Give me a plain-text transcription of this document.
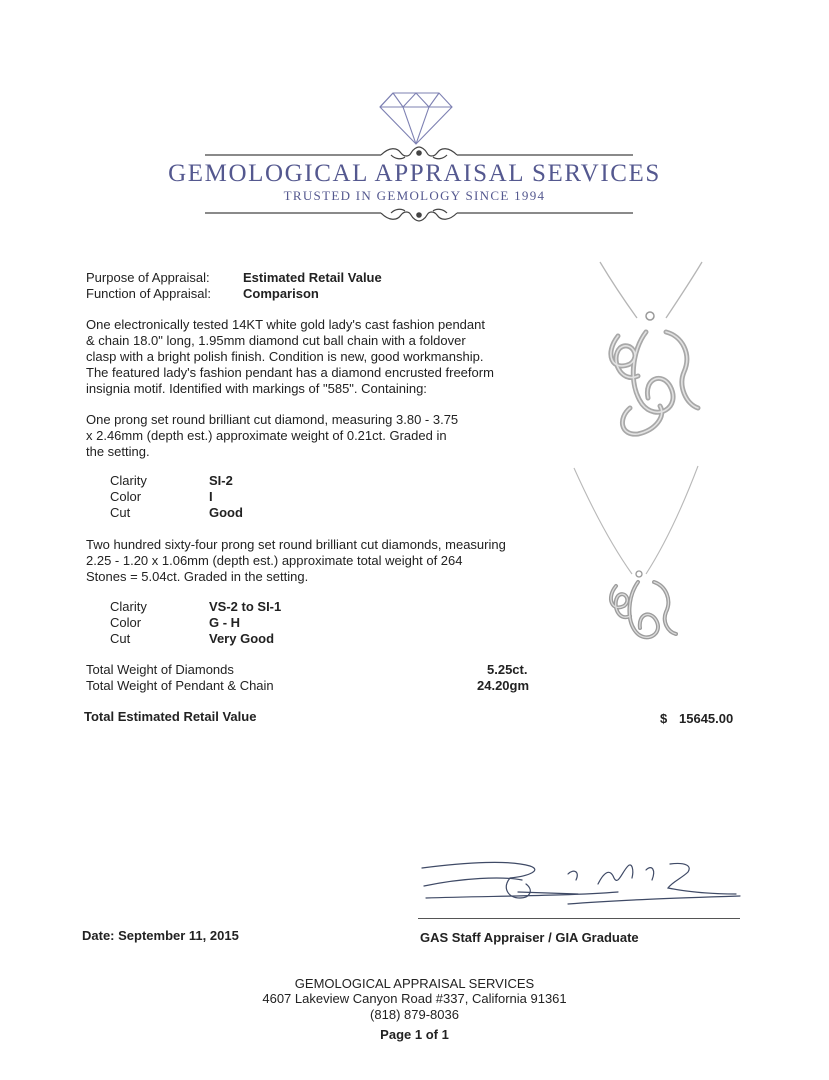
GEMOLOGICAL APPRAISAL SERVICES
TRUSTED IN GEMOLOGY SINCE 1994
Purpose of Appraisal:	Estimated Retail Value
Function of Appraisal: Comparison
One electronically tested 14KT white gold lady's cast fashion pendant
& chain 18.0" long, 1.95mm diamond cut ball chain with a foldover
clasp with a bright polish finish. Condition is new, good workmanship.
The featured lady's fashion pendant has a diamond encrusted freeform
insignia motif. Identified with markings of "585". Containing:
One prong set round brilliant cut diamond, measuring 3.80 - 3.75
x 2.46mm (depth est.) approximate weight of 0.21ct. Graded in
the setting.
Clarity	SI-2
Color	I
Cut	Good
Two hundred sixty-four prong set round brilliant cut diamonds, measuring
2.25 - 1.20 x 1.06mm (depth est.) approximate total weight of 264
Stones = 5.04ct. Graded in the setting.
Clarity	VS-2 to SI-1
Color	G - H
Cut	Very Good
Total Weight of Diamonds	5.25ct.
Total Weight of Pendant & Chain	24.20gm
Total Estimated Retail Value	$ 15645.00
Date: September 11, 2015	GAS Staff Appraiser / GIA Graduate
GEMOLOGICAL APPRAISAL SERVICES
4607 Lakeview Canyon Road #337, California 91361
(818) 879-8036
Page 1 of 1
